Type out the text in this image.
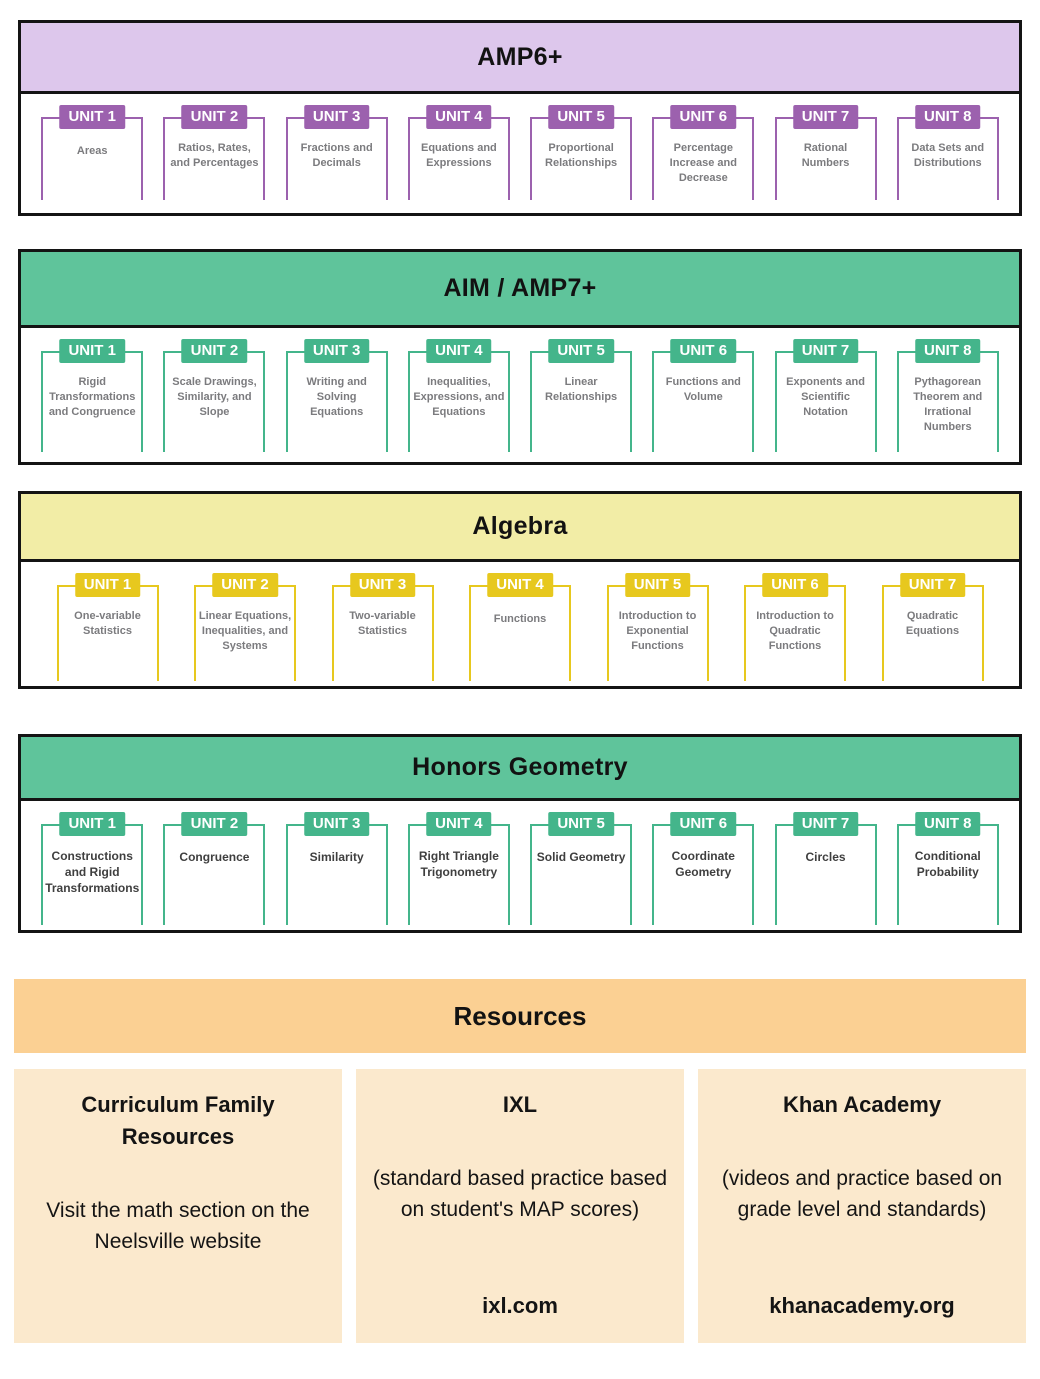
AMP6+
UNIT 1
Areas
UNIT 2
Ratios, Rates, and Percentages
UNIT 3
Fractions and Decimals
UNIT 4
Equations and Expressions
UNIT 5
Proportional Relationships
UNIT 6
Percentage Increase and Decrease
UNIT 7
Rational Numbers
UNIT 8
Data Sets and Distributions
AIM / AMP7+
UNIT 1
Rigid Transformations and Congruence
UNIT 2
Scale Drawings, Similarity, and Slope
UNIT 3
Writing and Solving Equations
UNIT 4
Inequalities, Expressions, and Equations
UNIT 5
Linear Relationships
UNIT 6
Functions and Volume
UNIT 7
Exponents and Scientific Notation
UNIT 8
Pythagorean Theorem and Irrational Numbers
Algebra
UNIT 1
One-variable Statistics
UNIT 2
Linear Equations, Inequalities, and Systems
UNIT 3
Two-variable Statistics
UNIT 4
Functions
UNIT 5
Introduction to Exponential Functions
UNIT 6
Introduction to Quadratic Functions
UNIT 7
Quadratic Equations
Honors Geometry
UNIT 1
Constructions and Rigid Transformations
UNIT 2
Congruence
UNIT 3
Similarity
UNIT 4
Right Triangle Trigonometry
UNIT 5
Solid Geometry
UNIT 6
Coordinate Geometry
UNIT 7
Circles
UNIT 8
Conditional Probability
Resources
Curriculum Family Resources

Visit the math section on the Neelsville website

IXL

(standard based practice based on student's MAP scores)

ixl.com

Khan Academy

(videos and practice based on grade level and standards)

khanacademy.org
